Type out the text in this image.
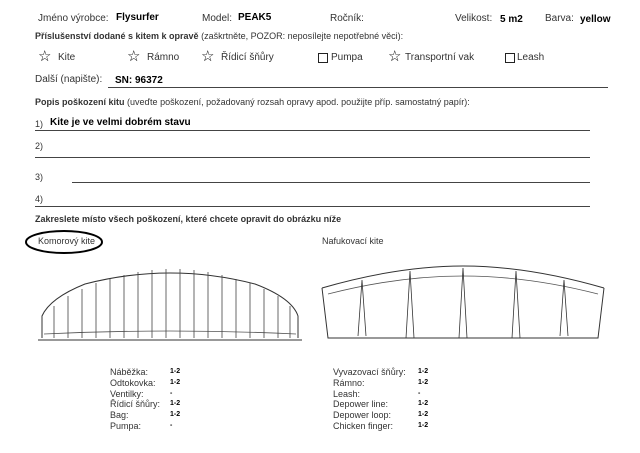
Jméno výrobce: Flysurfer	Model: PEAK5	Ročník:	Velikost: 5 m2 Barva: yellow
Příslušenství dodané s kitem k opravě (zaškrtněte, POZOR: neposílejte nepotřebné věci):
☆ Kite	☆ Rámno ☆ Řídicí šňůry	Pumpa ☆ Transportní vak	Leash
Další (napište): SN: 96372
Popis poškození kitu (uveďte poškození, požadovaný rozsah opravy apod. použijte příp. samostatný papír):
1) Kite je ve velmi dobrém stavu
2)
3)
4)
Zakreslete místo všech poškození, které chcete opravit do obrázku níže
Komorový kite	Nafukovací kite
Náběžka:	1-2
Odtokovka: 1-2
Ventilky:	-
Řídicí šňůry: 1-2
Bag:	1-2
Pumpa:	-
Vyvazovací šňůry: 1-2
Rámno:	1-2
Leash:	-
Depower line:	1-2
Depower loop:	1-2
Chicken finger:	1-2
